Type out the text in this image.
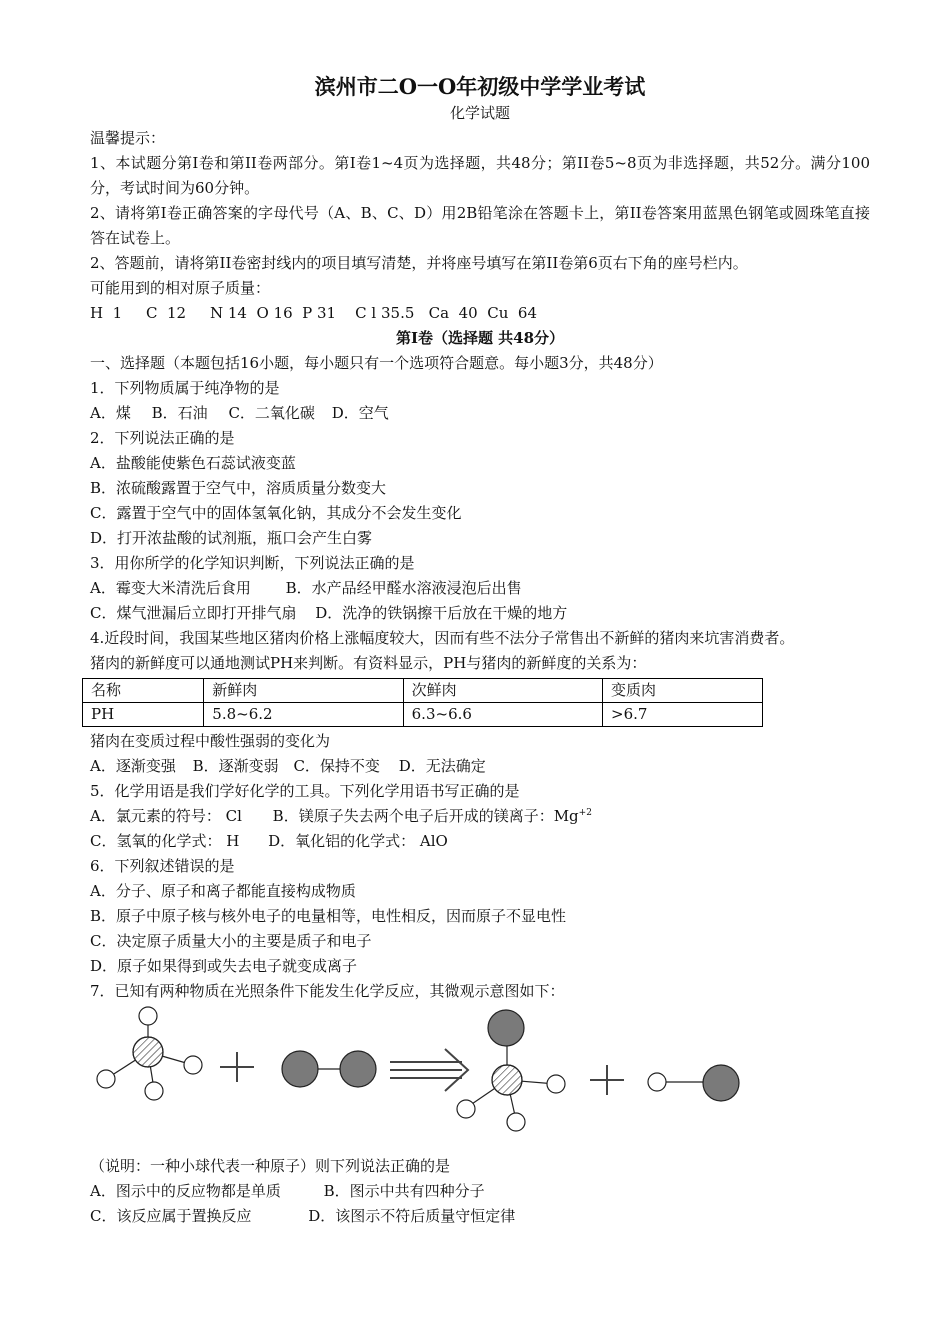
滨州市二O一O年初级中学学业考试
化学试题
温馨提示：
1、本试题分第I卷和第II卷两部分。第I卷1~4页为选择题，共48分；第II卷5~8页为非选择题，共52分。满分100分，考试时间为60分钟。
2、请将第I卷正确答案的字母代号（A、B、C、D）用2B铅笔涂在答题卡上，第II卷答案用蓝黑色钢笔或圆珠笔直接答在试卷上。
2、答题前，请将第II卷密封线内的项目填写清楚，并将座号填写在第II卷第6页右下角的座号栏内。
可能用到的相对原子质量：
H  1     C  12     N 14  O 16  P 31    C l 35.5   Ca  40  Cu  64
第I卷（选择题 共48分）
一、选择题（本题包括16小题，每小题只有一个选项符合题意。每小题3分，共48分）
1．下列物质属于纯净物的是
A．煤 B．石油 C．二氧化碳 D．空气
2．下列说法正确的是
A．盐酸能使紫色石蕊试液变蓝
B．浓硫酸露置于空气中，溶质质量分数变大
C．露置于空气中的固体氢氧化钠，其成分不会发生变化
D．打开浓盐酸的试剂瓶，瓶口会产生白雾
3．用你所学的化学知识判断，下列说法正确的是
A．霉变大米清洗后食用 B．水产品经甲醛水溶液浸泡后出售
C．煤气泄漏后立即打开排气扇 D．洗净的铁锅擦干后放在干燥的地方
4.近段时间，我国某些地区猪肉价格上涨幅度较大，因而有些不法分子常售出不新鲜的猪肉来坑害消费者。
猪肉的新鲜度可以通地测试PH来判断。有资料显示，PH与猪肉的新鲜度的关系为：
名称	新鲜肉	次鲜肉	变质肉
PH	5.8~6.2	6.3~6.6	>6.7
猪肉在变质过程中酸性强弱的变化为
A．逐渐变强 B．逐渐变弱 C．保持不变 D．无法确定
5．化学用语是我们学好化学的工具。下列化学用语书写正确的是
A．氯元素的符号： Cl B．镁原子失去两个电子后开成的镁离子：$Mg^{+2}$
C．氢氧的化学式： H D．氧化铝的化学式： AlO
6．下列叙述错误的是
A．分子、原子和离子都能直接构成物质
B．原子中原子核与核外电子的电量相等，电性相反，因而原子不显电性
C．决定原子质量大小的主要是质子和电子
D．原子如果得到或失去电子就变成离子
7．已知有两种物质在光照条件下能发生化学反应，其微观示意图如下：
（说明：一种小球代表一种原子）则下列说法正确的是
A．图示中的反应物都是单质	B．图示中共有四种分子
C．该反应属于置换反应	D．该图示不符后质量守恒定律
